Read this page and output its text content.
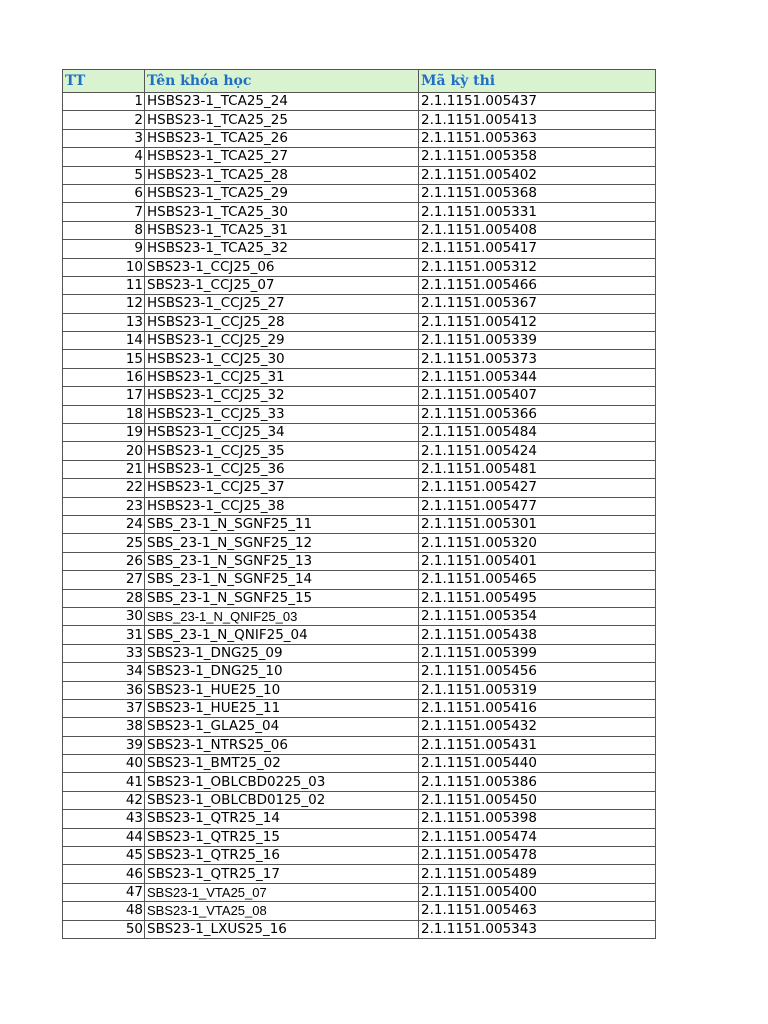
TT	Tên khóa học	Mã kỳ thi
1	HSBS23-1_TCA25_24	2.1.1151.005437
2	HSBS23-1_TCA25_25	2.1.1151.005413
3	HSBS23-1_TCA25_26	2.1.1151.005363
4	HSBS23-1_TCA25_27	2.1.1151.005358
5	HSBS23-1_TCA25_28	2.1.1151.005402
6	HSBS23-1_TCA25_29	2.1.1151.005368
7	HSBS23-1_TCA25_30	2.1.1151.005331
8	HSBS23-1_TCA25_31	2.1.1151.005408
9	HSBS23-1_TCA25_32	2.1.1151.005417
10	SBS23-1_CCJ25_06	2.1.1151.005312
11	SBS23-1_CCJ25_07	2.1.1151.005466
12	HSBS23-1_CCJ25_27	2.1.1151.005367
13	HSBS23-1_CCJ25_28	2.1.1151.005412
14	HSBS23-1_CCJ25_29	2.1.1151.005339
15	HSBS23-1_CCJ25_30	2.1.1151.005373
16	HSBS23-1_CCJ25_31	2.1.1151.005344
17	HSBS23-1_CCJ25_32	2.1.1151.005407
18	HSBS23-1_CCJ25_33	2.1.1151.005366
19	HSBS23-1_CCJ25_34	2.1.1151.005484
20	HSBS23-1_CCJ25_35	2.1.1151.005424
21	HSBS23-1_CCJ25_36	2.1.1151.005481
22	HSBS23-1_CCJ25_37	2.1.1151.005427
23	HSBS23-1_CCJ25_38	2.1.1151.005477
24	SBS_23-1_N_SGNF25_11	2.1.1151.005301
25	SBS_23-1_N_SGNF25_12	2.1.1151.005320
26	SBS_23-1_N_SGNF25_13	2.1.1151.005401
27	SBS_23-1_N_SGNF25_14	2.1.1151.005465
28	SBS_23-1_N_SGNF25_15	2.1.1151.005495
30	SBS_23-1_N_QNIF25_03	2.1.1151.005354
31	SBS_23-1_N_QNIF25_04	2.1.1151.005438
33	SBS23-1_DNG25_09	2.1.1151.005399
34	SBS23-1_DNG25_10	2.1.1151.005456
36	SBS23-1_HUE25_10	2.1.1151.005319
37	SBS23-1_HUE25_11	2.1.1151.005416
38	SBS23-1_GLA25_04	2.1.1151.005432
39	SBS23-1_NTRS25_06	2.1.1151.005431
40	SBS23-1_BMT25_02	2.1.1151.005440
41	SBS23-1_OBLCBD0225_03	2.1.1151.005386
42	SBS23-1_OBLCBD0125_02	2.1.1151.005450
43	SBS23-1_QTR25_14	2.1.1151.005398
44	SBS23-1_QTR25_15	2.1.1151.005474
45	SBS23-1_QTR25_16	2.1.1151.005478
46	SBS23-1_QTR25_17	2.1.1151.005489
47	SBS23-1_VTA25_07	2.1.1151.005400
48	SBS23-1_VTA25_08	2.1.1151.005463
50	SBS23-1_LXUS25_16	2.1.1151.005343
